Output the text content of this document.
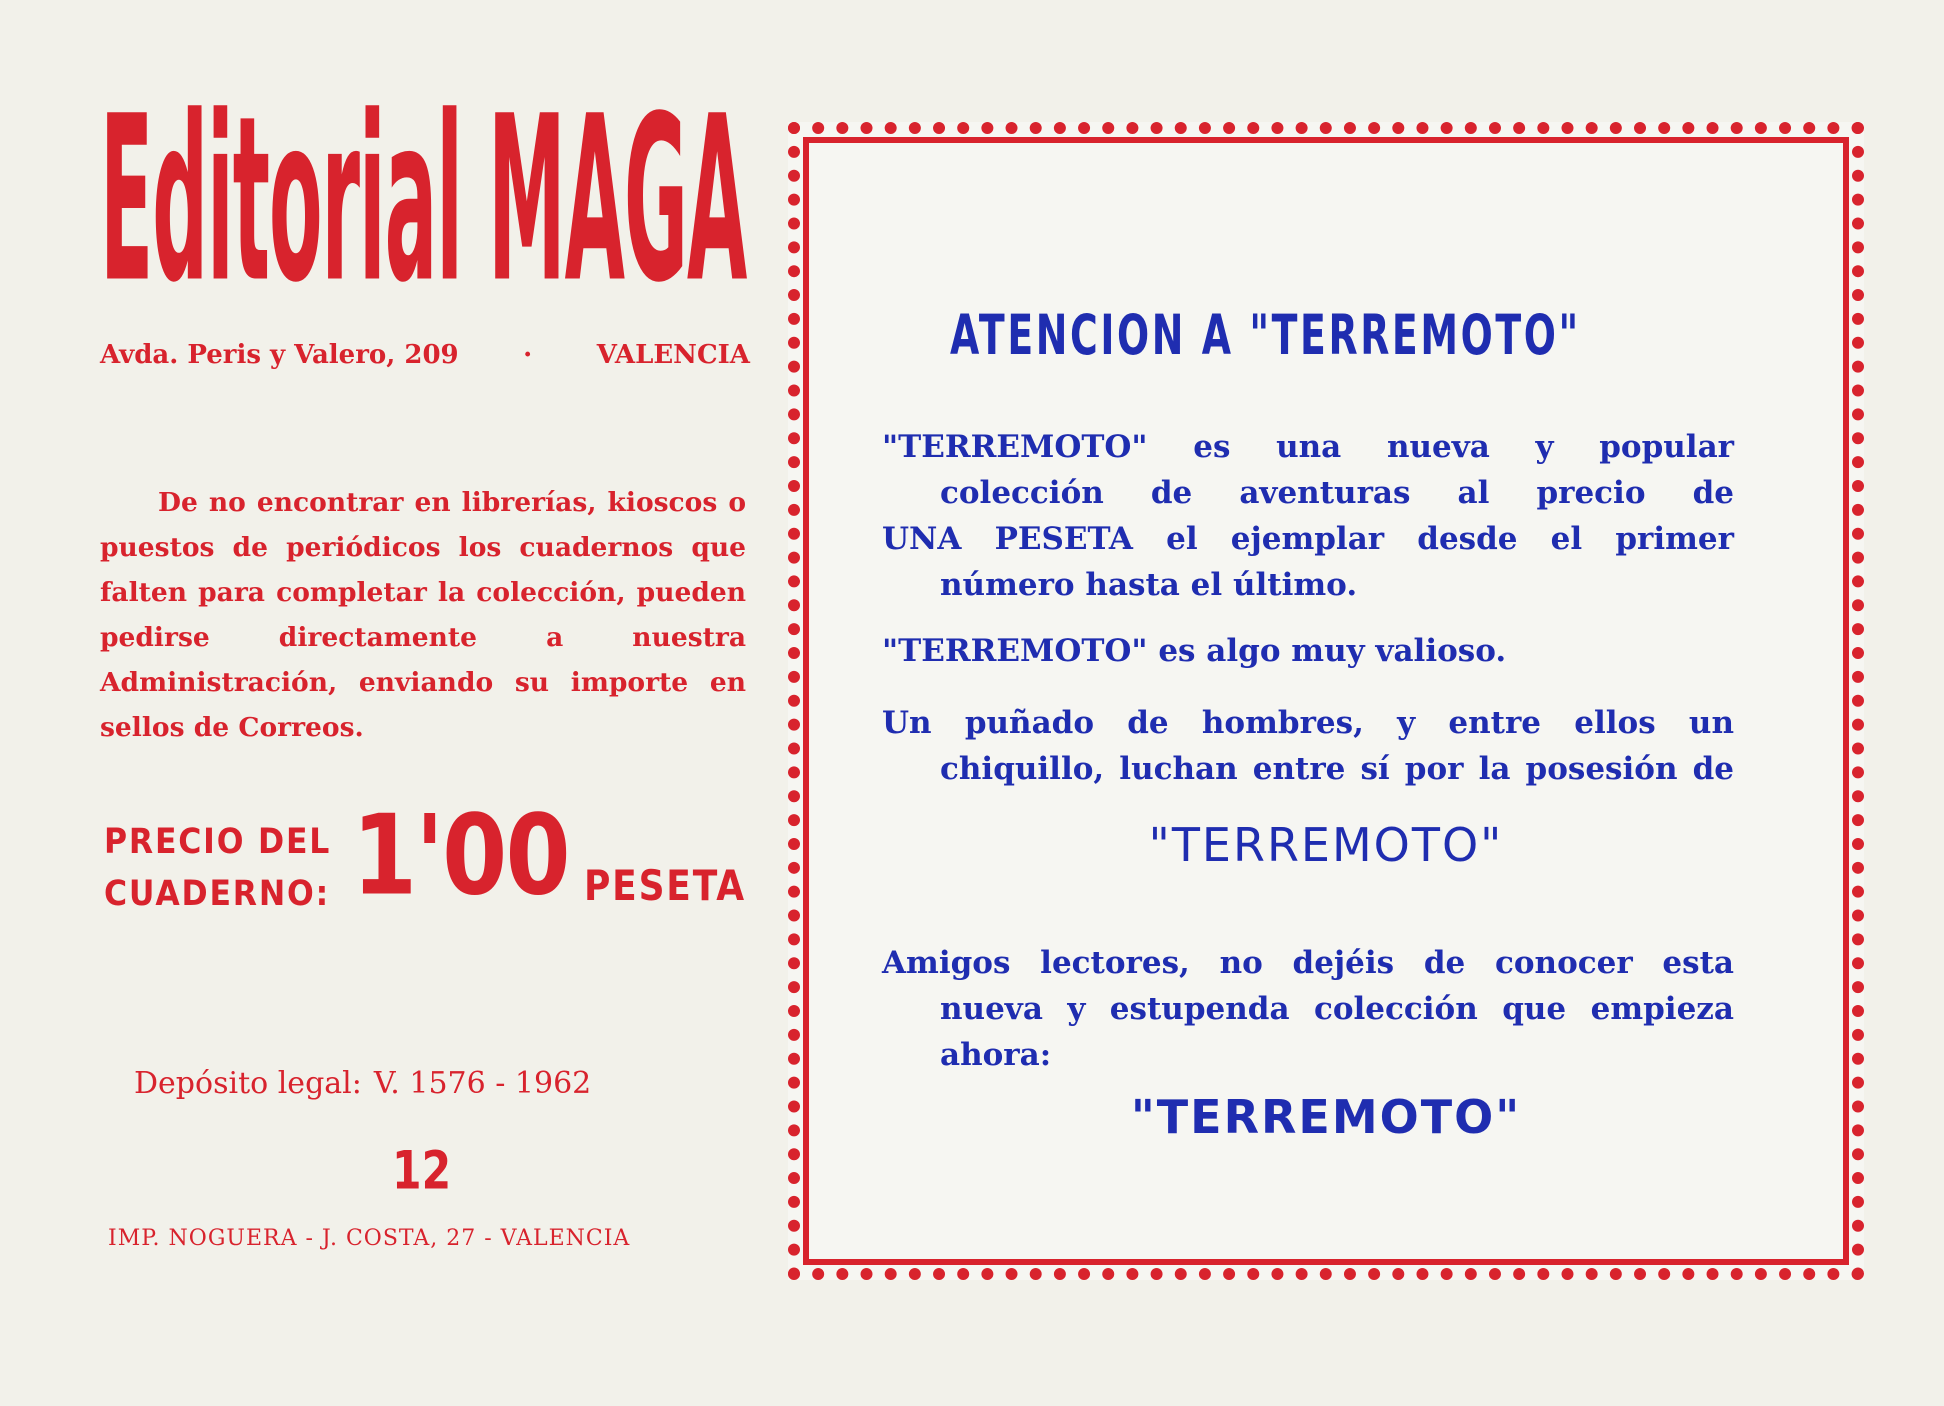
Editorial MAGA
Avda. Peris y Valero, 209 · VALENCIA
De no encontrar en librerías, kioscos o puestos de periódicos los cuadernos que falten para completar la colección, pueden pedirse directamente a nuestra Administración, enviando su importe en sellos de Correos.
PRECIO DEL
CUADERNO: 1'00 PESETA
Depósito legal: V. 1576 - 1962
12
IMP. NOGUERA - J. COSTA, 27 - VALENCIA
ATENCION A "TERREMOTO"
"TERREMOTO" es una nueva y popular
colección de aventuras al precio de
UNA PESETA el ejemplar desde el primer
número hasta el último.
"TERREMOTO" es algo muy valioso.
Un puñado de hombres, y entre ellos un
chiquillo, luchan entre sí por la posesión de
"TERREMOTO"
Amigos lectores, no dejéis de conocer esta
nueva y estupenda colección que empieza
ahora:
"TERREMOTO"
